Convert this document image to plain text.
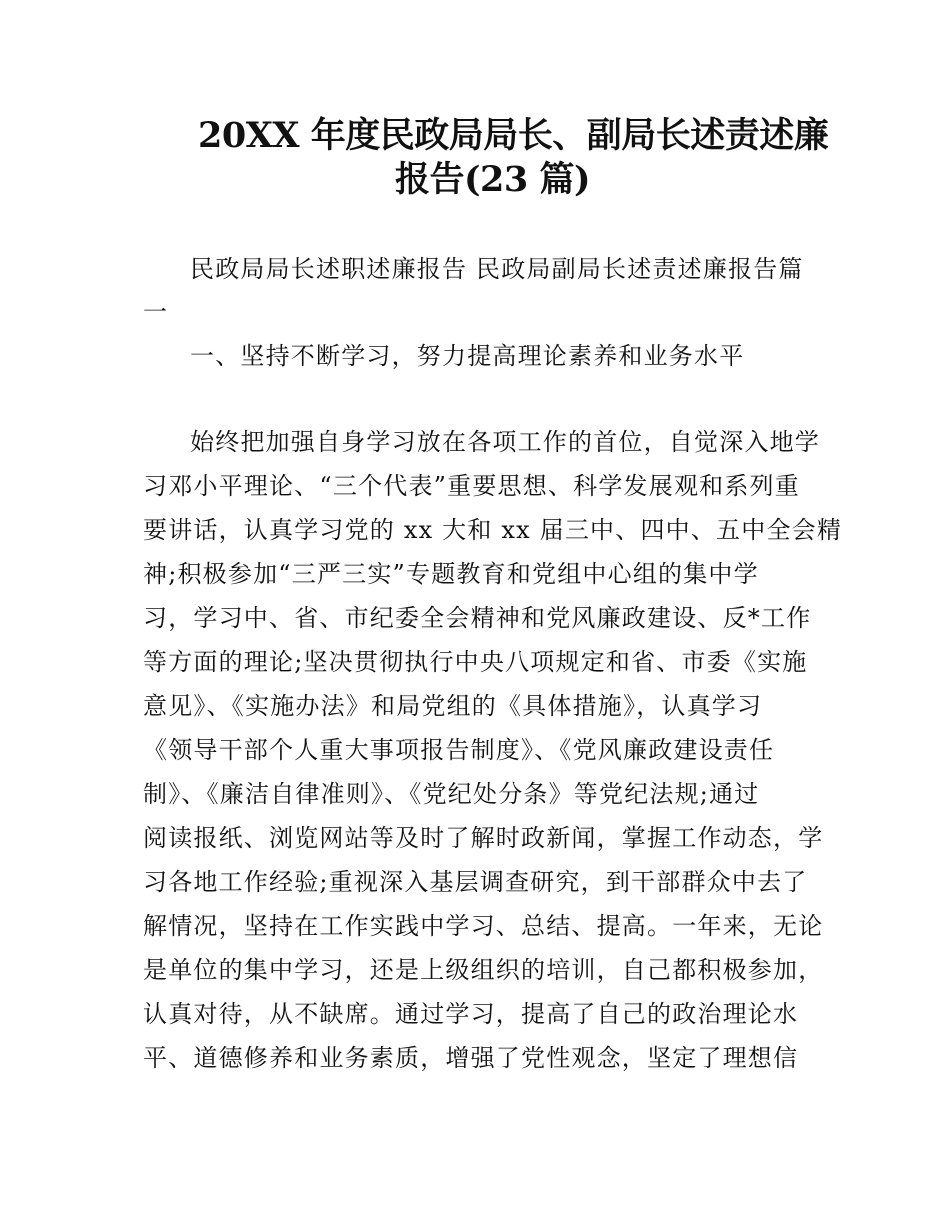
20XX 年度民政局局长、副局长述责述廉
报告(23 篇)
民政局局长述职述廉报告 民政局副局长述责述廉报告篇
一
一、坚持不断学习，努力提高理论素养和业务水平
始终把加强自身学习放在各项工作的首位，自觉深入地学
习邓小平理论、“三个代表”重要思想、科学发展观和系列重
要讲话，认真学习党的 xx 大和 xx 届三中、四中、五中全会精
神;积极参加“三严三实”专题教育和党组中心组的集中学
习，学习中、省、市纪委全会精神和党风廉政建设、反*工作
等方面的理论;坚决贯彻执行中央八项规定和省、市委《实施
意见》、《实施办法》和局党组的《具体措施》，认真学习
《领导干部个人重大事项报告制度》、《党风廉政建设责任
制》、《廉洁自律准则》、《党纪处分条》等党纪法规;通过
阅读报纸、浏览网站等及时了解时政新闻，掌握工作动态，学
习各地工作经验;重视深入基层调查研究，到干部群众中去了
解情况，坚持在工作实践中学习、总结、提高。一年来，无论
是单位的集中学习，还是上级组织的培训，自己都积极参加，
认真对待，从不缺席。通过学习，提高了自己的政治理论水
平、道德修养和业务素质，增强了党性观念，坚定了理想信
